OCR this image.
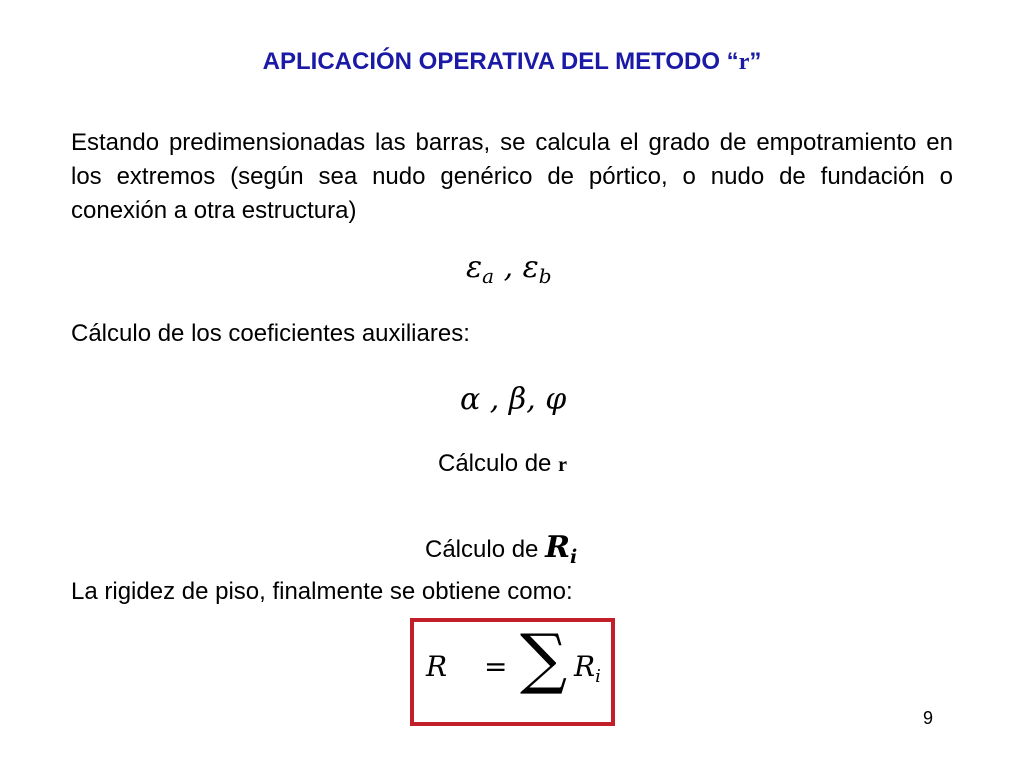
APLICACIÓN OPERATIVA DEL METODO “r”

Estando predimensionadas las barras, se calcula el grado de empotramiento en los extremos (según sea nudo genérico de pórtico, o nudo de fundación o conexión a otra estructura)

$\varepsilon_a$ , $\varepsilon_b$
Cálculo de los coeficientes auxiliares:
α , β, φ
Cálculo de r
Cálculo de $R_i$
La rigidez de piso, finalmente se obtiene como:
R = ∑ $R_i$
9
